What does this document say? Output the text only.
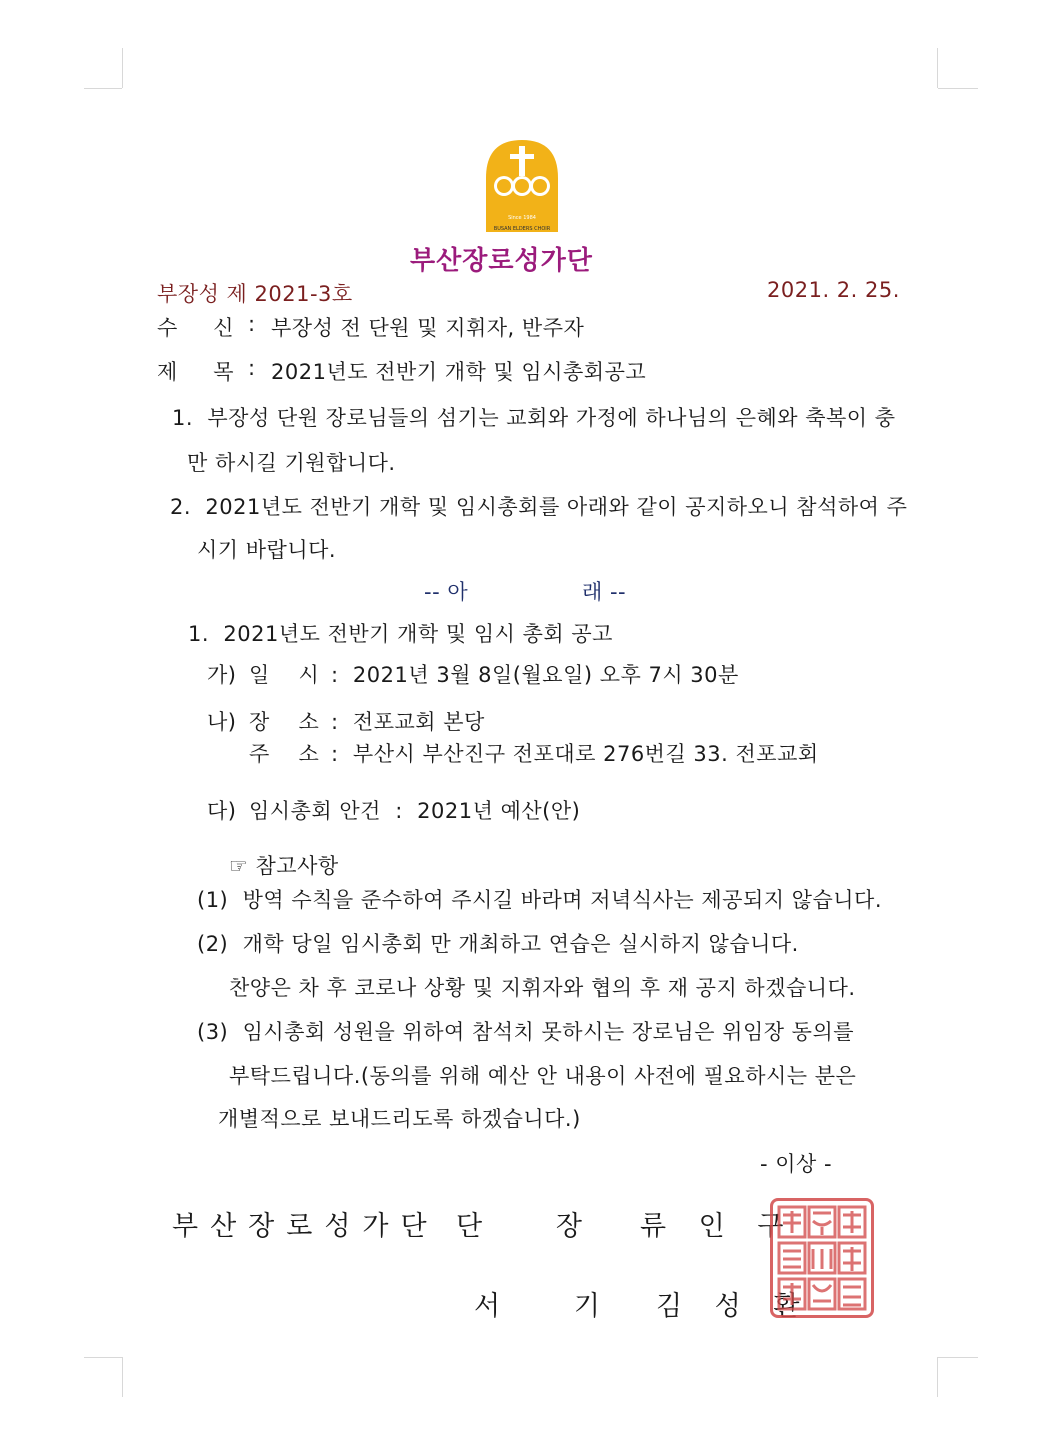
Since 1984
BUSAN ELDERS CHOIR
부산장로성가단
부장성 제 2021-3호	2021. 2. 25.
수   신 : 부장성 전 단원 및 지휘자, 반주자
제   목 : 2021년도 전반기 개학 및 임시총회공고
1.  부장성 단원 장로님들의 섬기는 교회와 가정에 하나님의 은혜와 축복이 충
만 하시길 기원합니다.
2.  2021년도 전반기 개학 및 임시총회를 아래와 같이 공지하오니 참석하여 주
시기 바랍니다.
-- 아	래 --
1.  2021년도 전반기 개학 및 임시 총회 공고
가) 일    시 :  2021년 3월 8일(월요일) 오후 7시 30분
나) 장    소 :  전포교회 본당
주    소 :  부산시 부산진구 전포대로 276번길 33. 전포교회
다) 임시총회 안건  :  2021년 예산(안)
☞ 참고사항
(1)  방역 수칙을 준수하여 주시길 바라며 저녁식사는 제공되지 않습니다.
(2)  개학 당일 임시총회 만 개최하고 연습은 실시하지 않습니다.
찬양은 차 후 코로나 상황 및 지휘자와 협의 후 재 공지 하겠습니다.
(3)  임시총회 성원을 위하여 참석치 못하시는 장로님은 위임장 동의를
부탁드립니다.(동의를 위해 예산 안 내용이 사전에 필요하시는 분은
개별적으로 보내드리도록 하겠습니다.)
- 이상 -
부산장로성가단 단   장 류 인 구
서   기 김 성 환
